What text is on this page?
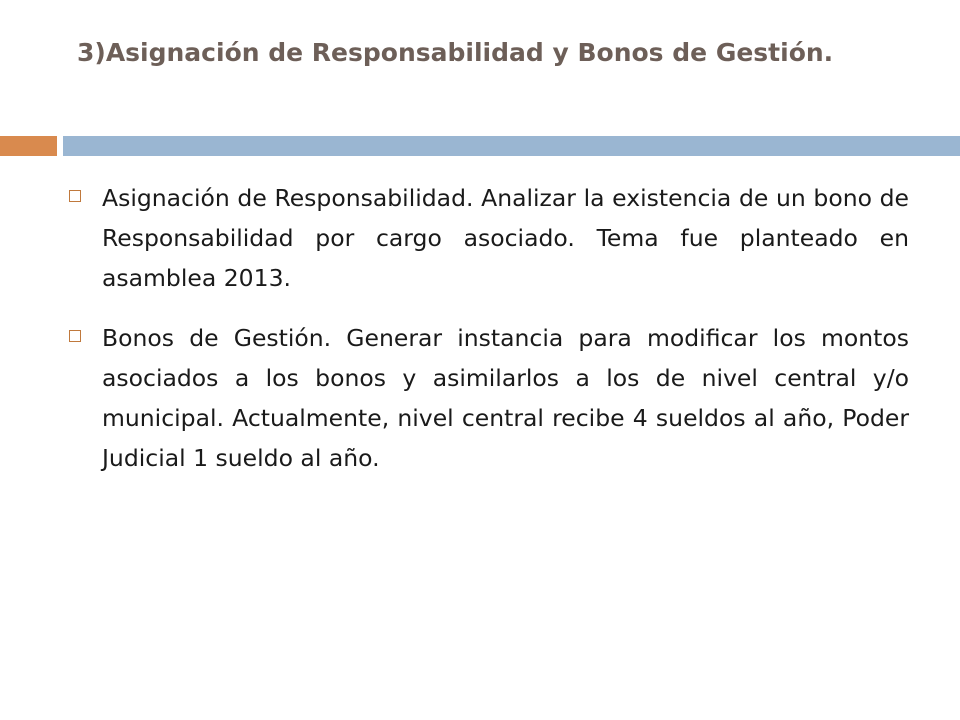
3)Asignación de Responsabilidad y Bonos de Gestión.
Asignación de Responsabilidad. Analizar la existencia de un bono de Responsabilidad por cargo asociado. Tema fue planteado en asamblea 2013.
Bonos de Gestión. Generar instancia para modificar los montos asociados a los bonos y asimilarlos a los de nivel central y/o municipal. Actualmente, nivel central recibe 4 sueldos al año, Poder Judicial 1 sueldo al año.
